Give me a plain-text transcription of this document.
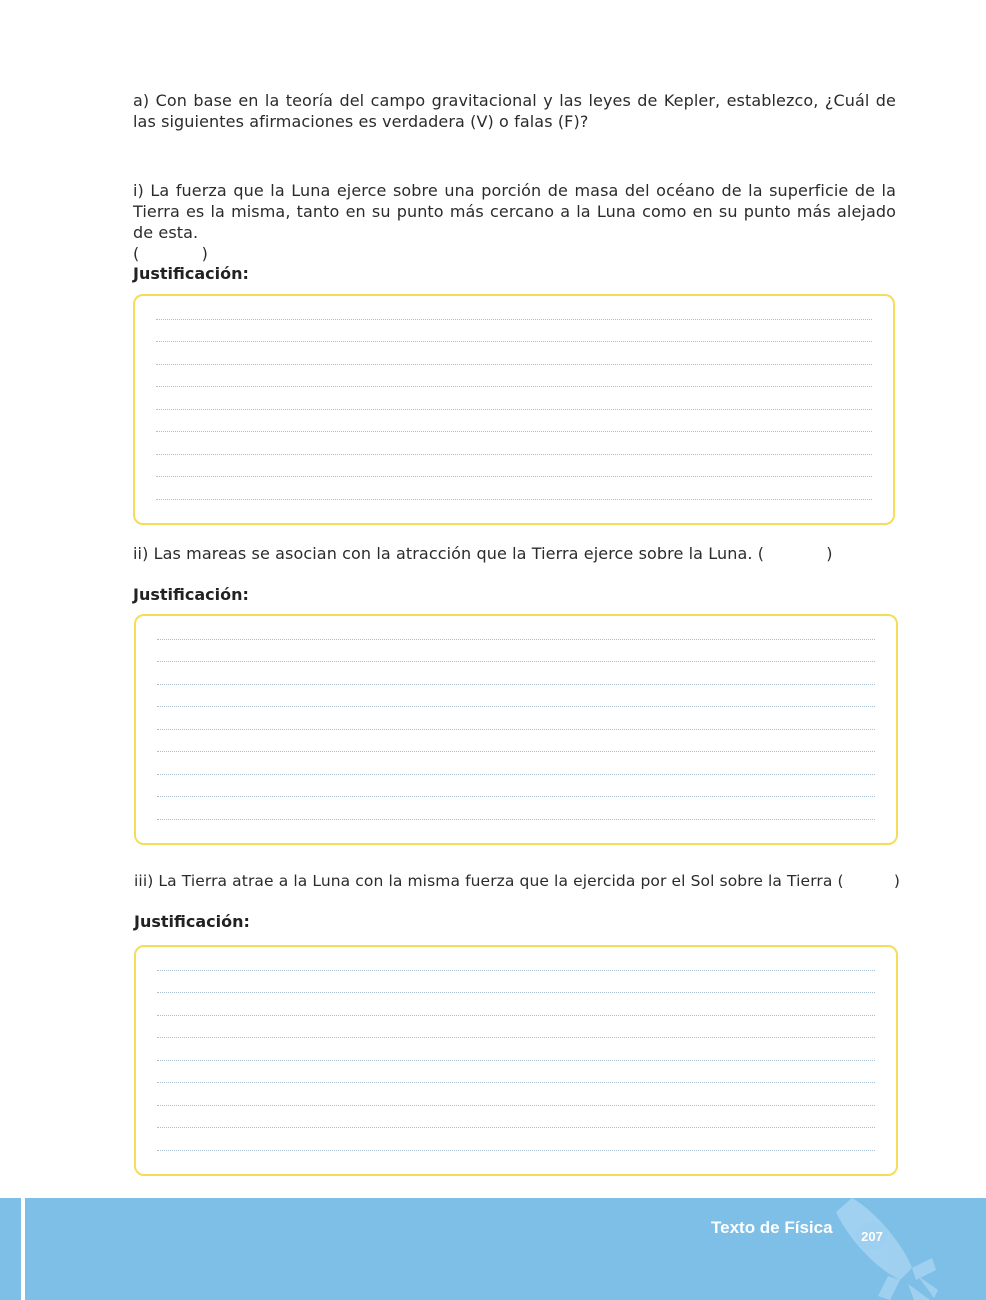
a) Con base en la teoría del campo gravitacional y las leyes de Kepler, establezco, ¿Cuál de las siguientes afirmaciones es verdadera (V) o falas (F)?
i) La fuerza que la Luna ejerce sobre una porción de masa del océano de la superficie de la Tierra es la misma, tanto en su punto más cercano a la Luna como en su punto más alejado de esta.
(            )
Justificación:
ii) Las mareas se asocian con la atracción que la Tierra ejerce sobre la Luna. (            )
Justificación:
iii) La Tierra atrae a la Luna con la misma fuerza que la ejercida por el Sol sobre la Tierra (          )
Justificación:
Texto de Física 207
